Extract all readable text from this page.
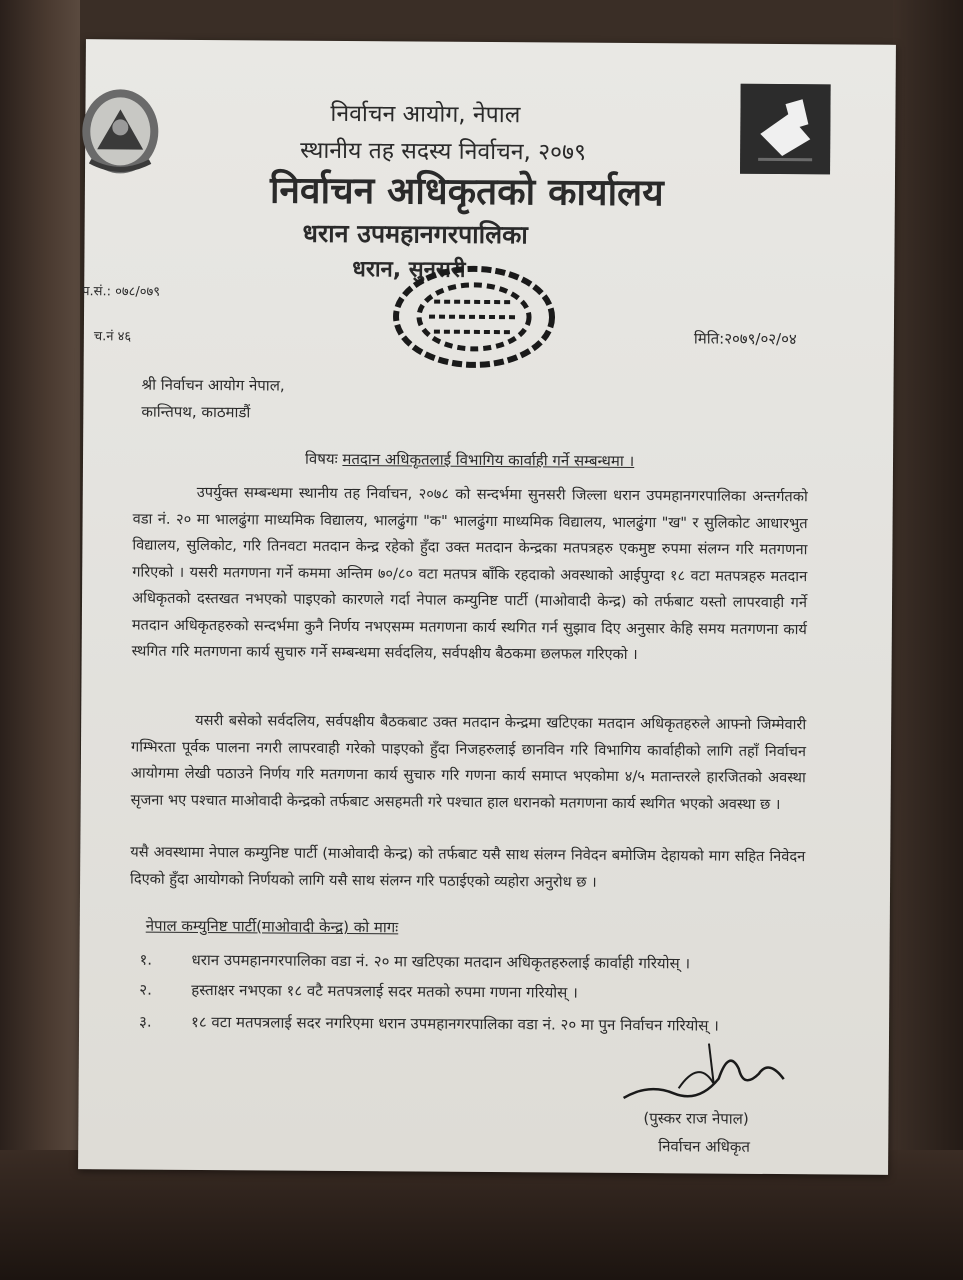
निर्वाचन आयोग, नेपाल
स्थानीय तह सदस्य निर्वाचन, २०७९
निर्वाचन अधिकृतको कार्यालय
धरान उपमहानगरपालिका
धरान, सुनसरी
प.सं.: ०७८/०७९
च.नं ४६	मिति:२०७९/०२/०४
श्री निर्वाचन आयोग नेपाल,
कान्तिपथ, काठमाडौं
विषयः मतदान अधिकृतलाई विभागिय कार्वाही गर्ने सम्बन्धमा ।
उपर्युक्त सम्बन्धमा स्थानीय तह निर्वाचन, २०७८ को सन्दर्भमा सुनसरी जिल्ला धरान उपमहानगरपालिका अन्तर्गतको वडा नं. २० मा भालढुंगा माध्यमिक विद्यालय, भालढुंगा "क" भालढुंगा माध्यमिक विद्यालय, भालढुंगा "ख" र सुलिकोट आधारभुत विद्यालय, सुलिकोट, गरि तिनवटा मतदान केन्द्र रहेको हुँदा उक्त मतदान केन्द्रका मतपत्रहरु एकमुष्ट रुपमा संलग्न गरि मतगणना गरिएको । यसरी मतगणना गर्ने कममा अन्तिम ७०/८० वटा मतपत्र बाँकि रहदाको अवस्थाको आईपुग्दा १८ वटा मतपत्रहरु मतदान अधिकृतको दस्तखत नभएको पाइएको कारणले गर्दा नेपाल कम्युनिष्ट पार्टी (माओवादी केन्द्र) को तर्फबाट यस्तो लापरवाही गर्ने मतदान अधिकृतहरुको सन्दर्भमा कुनै निर्णय नभएसम्म मतगणना कार्य स्थगित गर्न सुझाव दिए अनुसार केहि समय मतगणना कार्य स्थगित गरि मतगणना कार्य सुचारु गर्ने सम्बन्धमा सर्वदलिय, सर्वपक्षीय बैठकमा छलफल गरिएको ।
यसरी बसेको सर्वदलिय, सर्वपक्षीय बैठकबाट उक्त मतदान केन्द्रमा खटिएका मतदान अधिकृतहरुले आफ्नो जिम्मेवारी गम्भिरता पूर्वक पालना नगरी लापरवाही गरेको पाइएको हुँदा निजहरुलाई छानविन गरि विभागिय कार्वाहीको लागि तहाँ निर्वाचन आयोगमा लेखी पठाउने निर्णय गरि मतगणना कार्य सुचारु गरि गणना कार्य समाप्त भएकोमा ४/५ मतान्तरले हारजितको अवस्था सृजना भए पश्चात माओवादी केन्द्रको तर्फबाट असहमती गरे पश्चात हाल धरानको मतगणना कार्य स्थगित भएको अवस्था छ ।
यसै अवस्थामा नेपाल कम्युनिष्ट पार्टी (माओवादी केन्द्र) को तर्फबाट यसै साथ संलग्न निवेदन बमोजिम देहायको माग सहित निवेदन दिएको हुँदा आयोगको निर्णयको लागि यसै साथ संलग्न गरि पठाईएको व्यहोरा अनुरोध छ ।
नेपाल कम्युनिष्ट पार्टी(माओवादी केन्द्र) को मागः
१.	धरान उपमहानगरपालिका वडा नं. २० मा खटिएका मतदान अधिकृतहरुलाई कार्वाही गरियोस् ।
२.	हस्ताक्षर नभएका १८ वटै मतपत्रलाई सदर मतको रुपमा गणना गरियोस् ।
३.	१८ वटा मतपत्रलाई सदर नगरिएमा धरान उपमहानगरपालिका वडा नं. २० मा पुन निर्वाचन गरियोस् ।
(पुस्कर राज नेपाल)
निर्वाचन अधिकृत
